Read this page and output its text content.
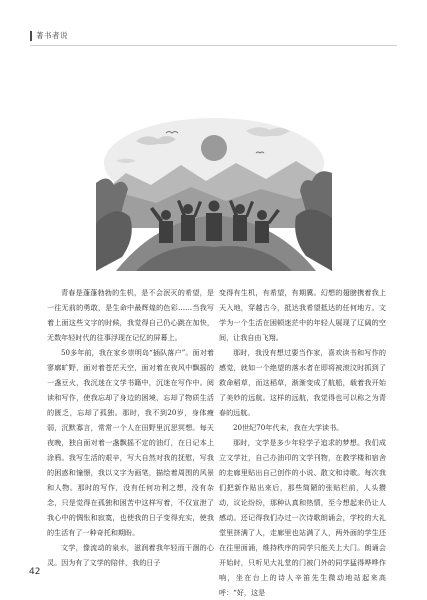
著书者说

青春是蓬蓬勃勃的生机，是不会泯灭的希望，是一往无前的勇敢，是生命中最辉煌的色彩……当我写着上面这些文字的时候，我觉得自己仍心跳在加快，无数年轻时代的往事浮现在记忆的屏幕上。

50多年前，我在家乡崇明岛“插队落户”。面对着寥廓旷野，面对着苍茫天空，面对着在夜风中飘摇的一盏豆火，我沉迷在文学书籍中，沉迷在写作中。阅读和写作，使我忘却了身边的困境，忘却了物质生活的匮乏，忘却了孤独。那时，我不到20岁，身体瘦弱，沉默寡言，常常一个人在田野里沉思冥想。每天夜晚，独自面对着一盏飘摇不定的油灯，在日记本上涂鸦。我写生活的艰辛，写大自然对我的抚慰，写我的困惑和憧憬，我以文字为画笔，描绘着周围的风景和人物。那时的写作，没有任何功利之想，没有杂念，只是觉得在孤独和困苦中这样写着，不仅宣泄了我心中的惆怅和寂寞，也使我的日子变得充实，使我的生活有了一种奇托和期盼。

文学，像流动的泉水，滋润着我年轻而干涸的心灵。因为有了文学的陪伴，我的日子

变得有生机，有希望，有期冀。幻想的翅膀携着我上天入地，穿越古今，抵达我希望抵达的任何地方。文学为一个生活在困顿迷茫中的年轻人展现了辽阔的空间，让我自由飞翔。

那时，我没有想过要当作家，喜欢读书和写作的感觉，就如一个绝望的落水者在即将被滚汶时抓到了救命稻草，而这稻草，渐渐变成了航船，载着我开始了美妙的远航。这样的远航，我觉得也可以称之为青春的远航。

20世纪70年代末，我在大学读书。

那时，文学是多少年轻学子追求的梦想。我们成立文学社，自己办油印的文学刊物，在教学楼和宿舍的走廊里贴出自己创作的小说、散文和诗歌。每次我们把新作贴出来后，那些简陋的张贴栏前，人头攒动，议论纷纷，那种认真和热情，至今想起来仍让人感动。还记得我们办过一次诗歌朗诵会，学校的大礼堂里挤满了人，走廊里也站满了人，两外面的学生还在往里面涌，维持秩序的同学只能关上大门。朗诵会开始时，只听见大礼堂的门被门外的同学猛得哗哗作响，坐在台上的诗人辛笛先生微动地站起来高呼：“好，这是

42
